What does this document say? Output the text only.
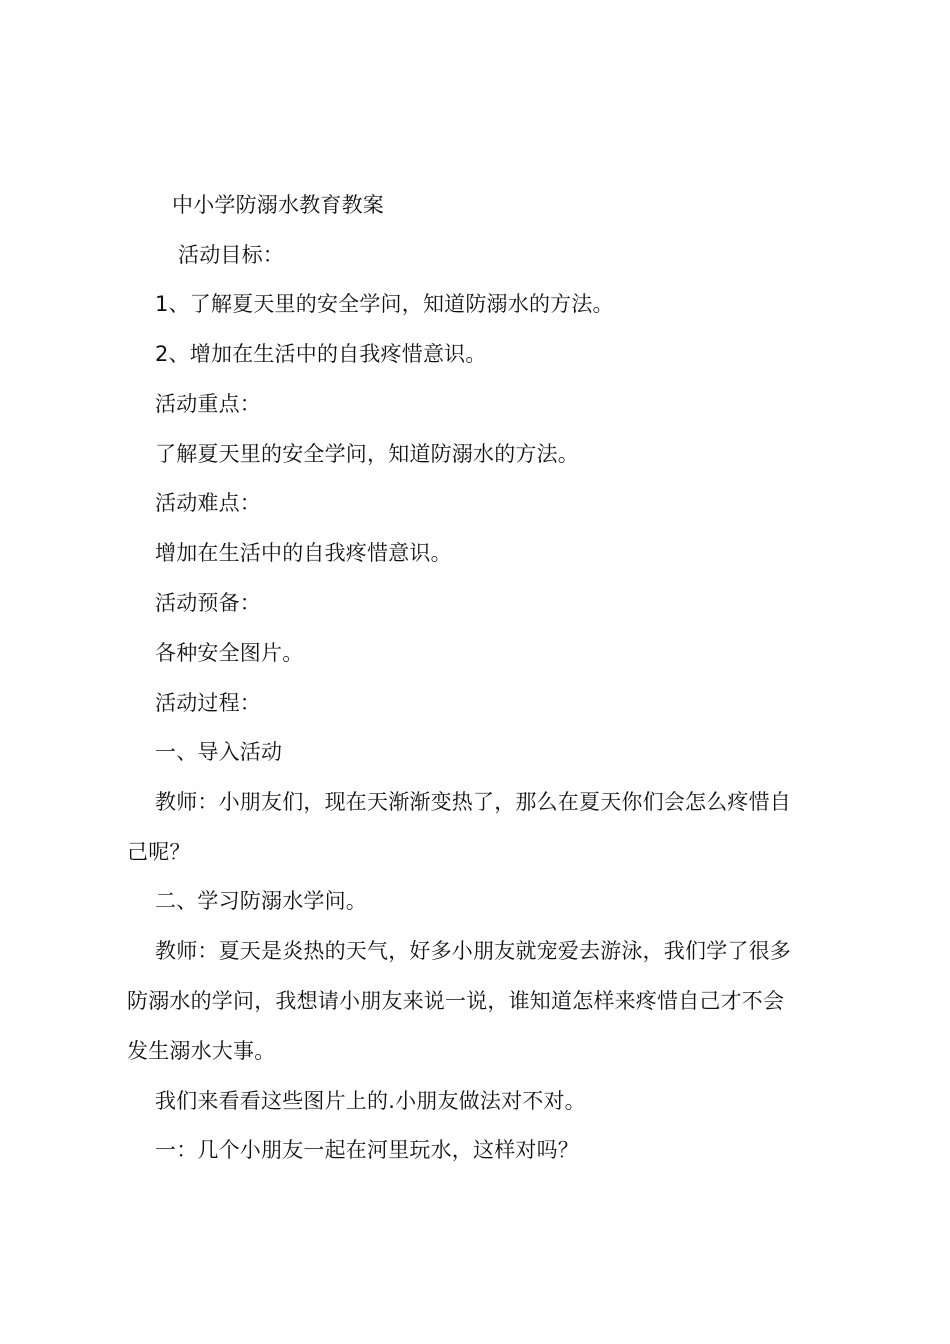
中小学防溺水教育教案
活动目标：
1、了解夏天里的安全学问，知道防溺水的方法。
2、增加在生活中的自我疼惜意识。
活动重点：
了解夏天里的安全学问，知道防溺水的方法。
活动难点：
增加在生活中的自我疼惜意识。
活动预备：
各种安全图片。
活动过程：
一、导入活动
教师：小朋友们，现在天渐渐变热了，那么在夏天你们会怎么疼惜自
己呢？
二、学习防溺水学问。
教师：夏天是炎热的天气，好多小朋友就宠爱去游泳，我们学了很多
防溺水的学问，我想请小朋友来说一说，谁知道怎样来疼惜自己才不会
发生溺水大事。
我们来看看这些图片上的.小朋友做法对不对。
一：几个小朋友一起在河里玩水，这样对吗？
